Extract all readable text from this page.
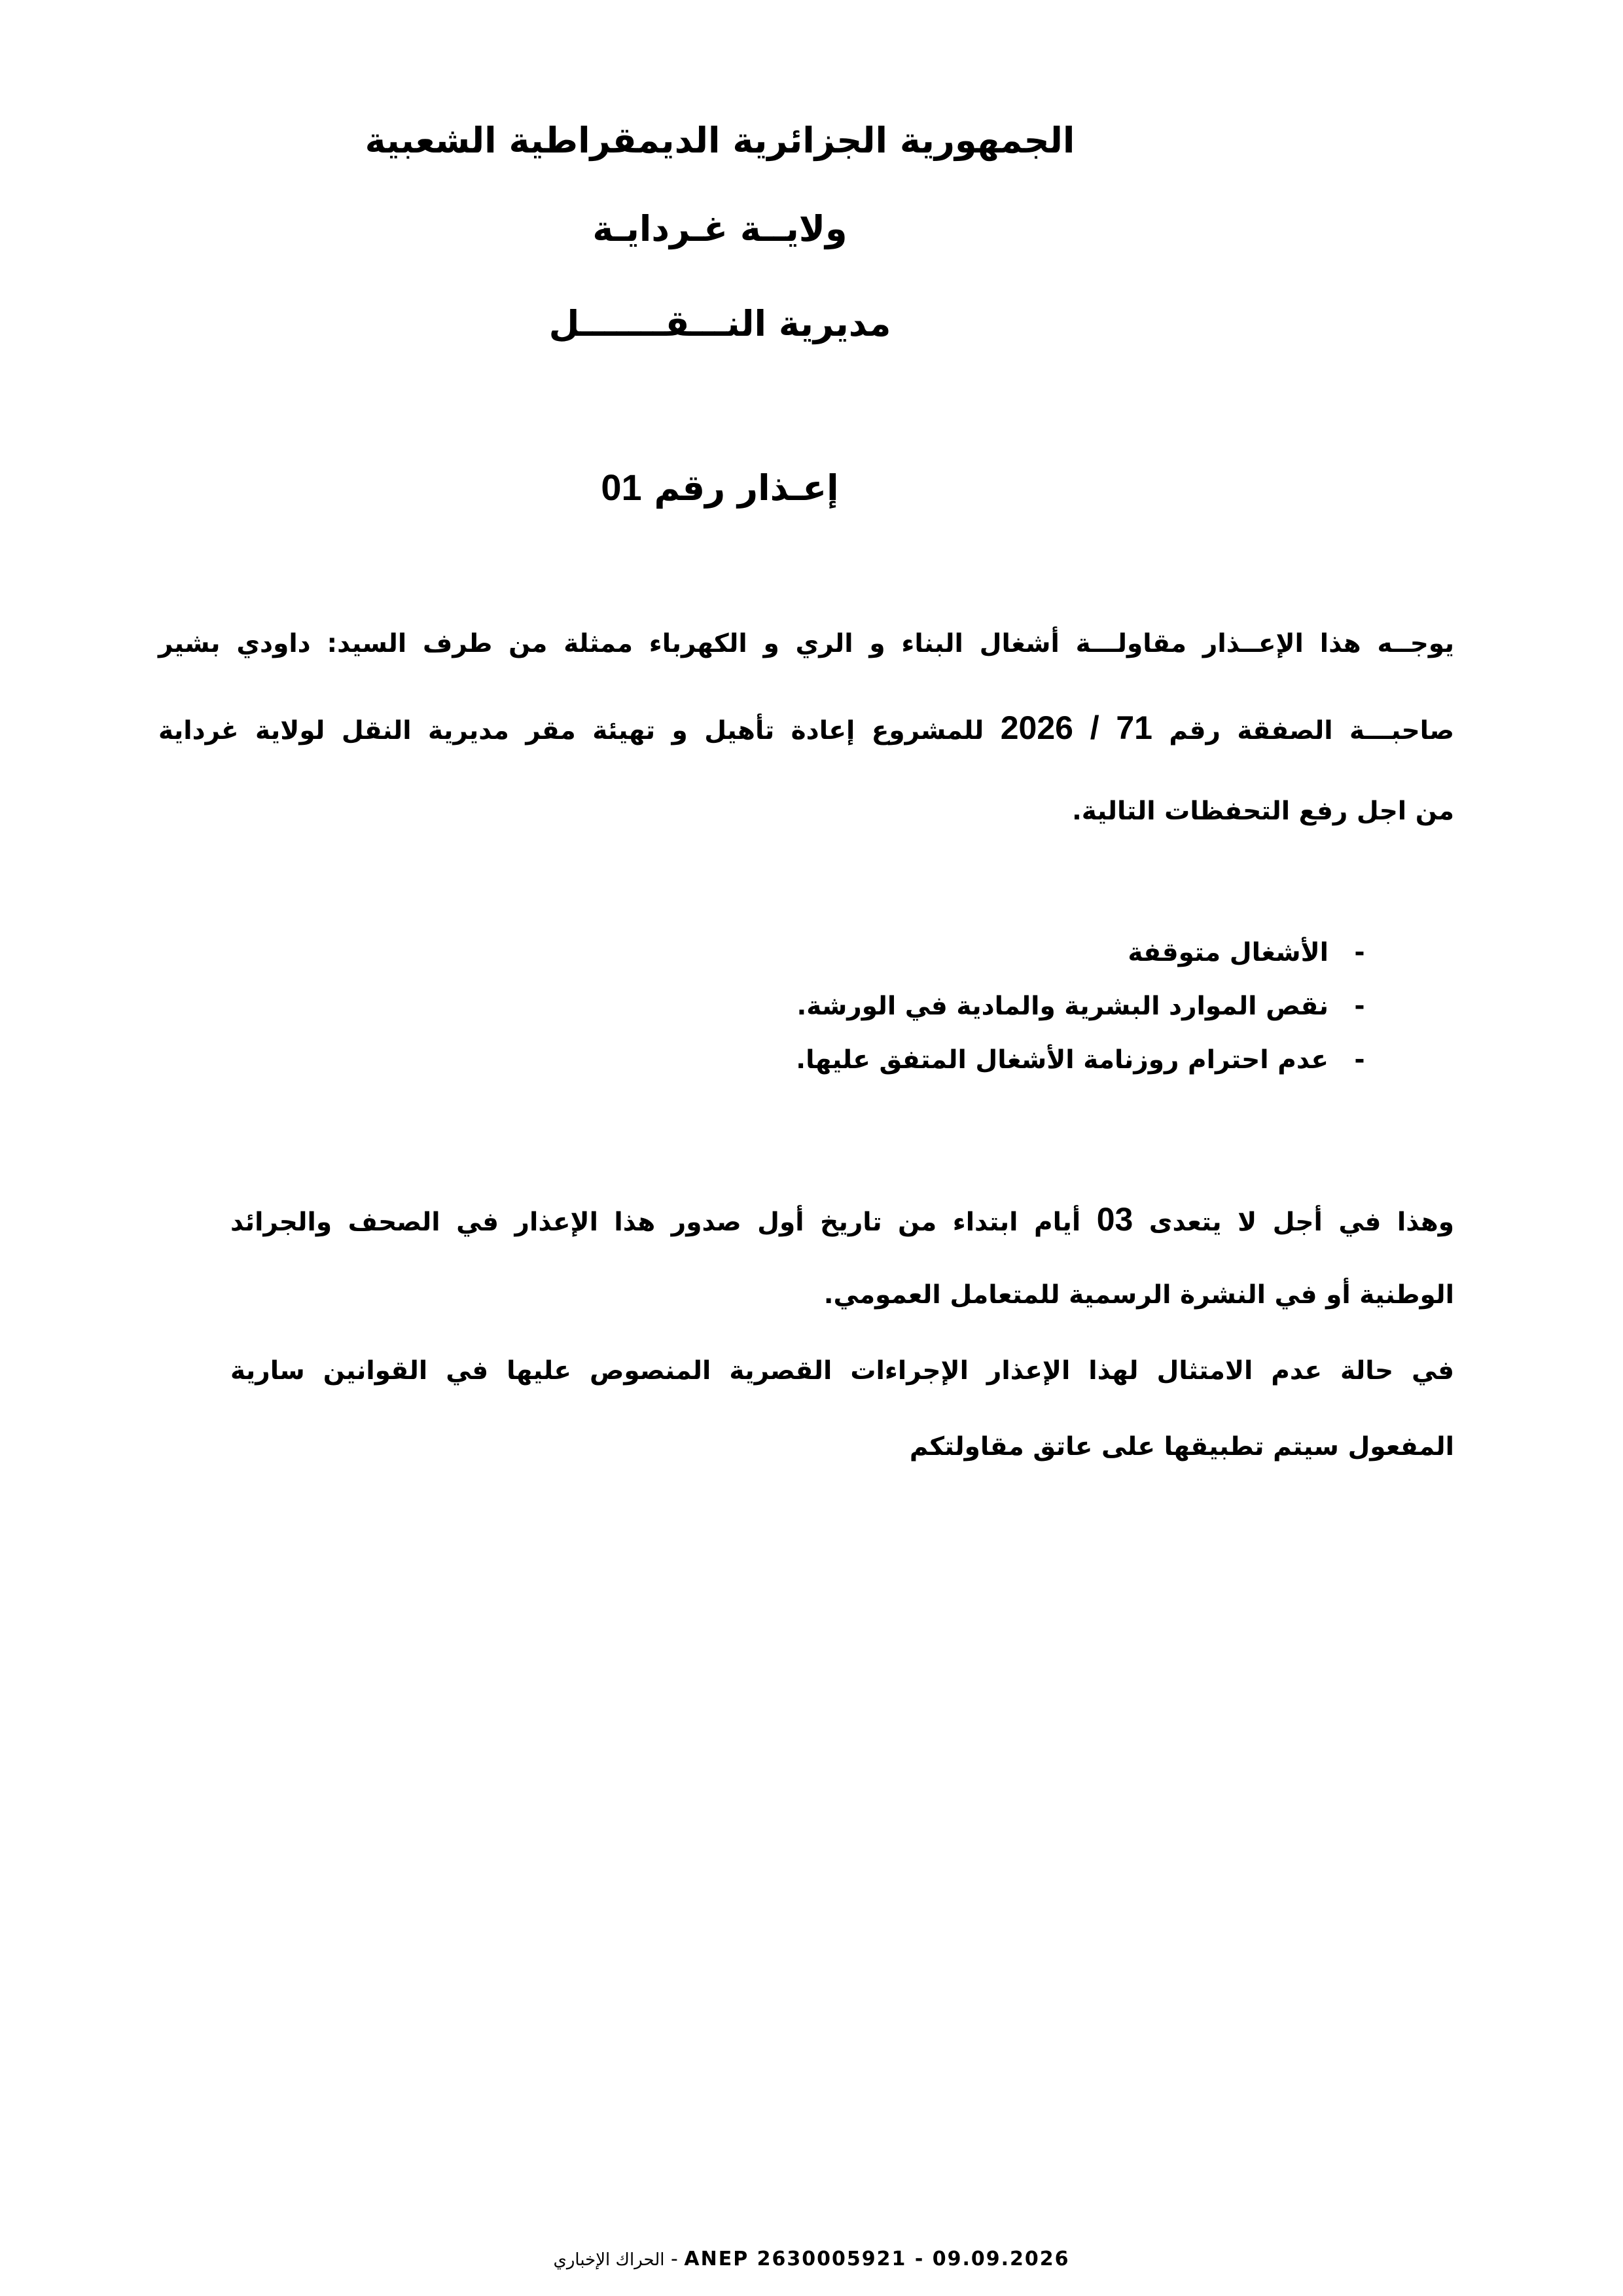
الجمهورية الجزائرية الديمقراطية الشعبية
ولايــة غـردايـة
مديرية النـــقـــــــل
إعـذار رقم 01
يوجــه هذا الإعــذار مقاولـــة أشغال البناء و الري و الكهرباء ممثلة من طرف السيد: داودي بشير
صاحبـــة الصفقة رقم 71 / 2026 للمشروع إعادة تأهيل و تهيئة مقر مديرية النقل لولاية غرداية
من اجل رفع التحفظات التالية.
-الأشغال متوقفة
-نقص الموارد البشرية والمادية في الورشة.
-عدم احترام روزنامة الأشغال المتفق عليها.
وهذا في أجل لا يتعدى 03 أيام ابتداء من تاريخ أول صدور هذا الإعذار في الصحف والجرائد
الوطنية أو في النشرة الرسمية للمتعامل العمومي.
في حالة عدم الامتثال لهذا الإعذار الإجراءات القصرية المنصوص عليها في القوانين سارية
المفعول سيتم تطبيقها على عاتق مقاولتكم
الحراك الإخباري - ANEP 2630005921 - 09.09.2026
